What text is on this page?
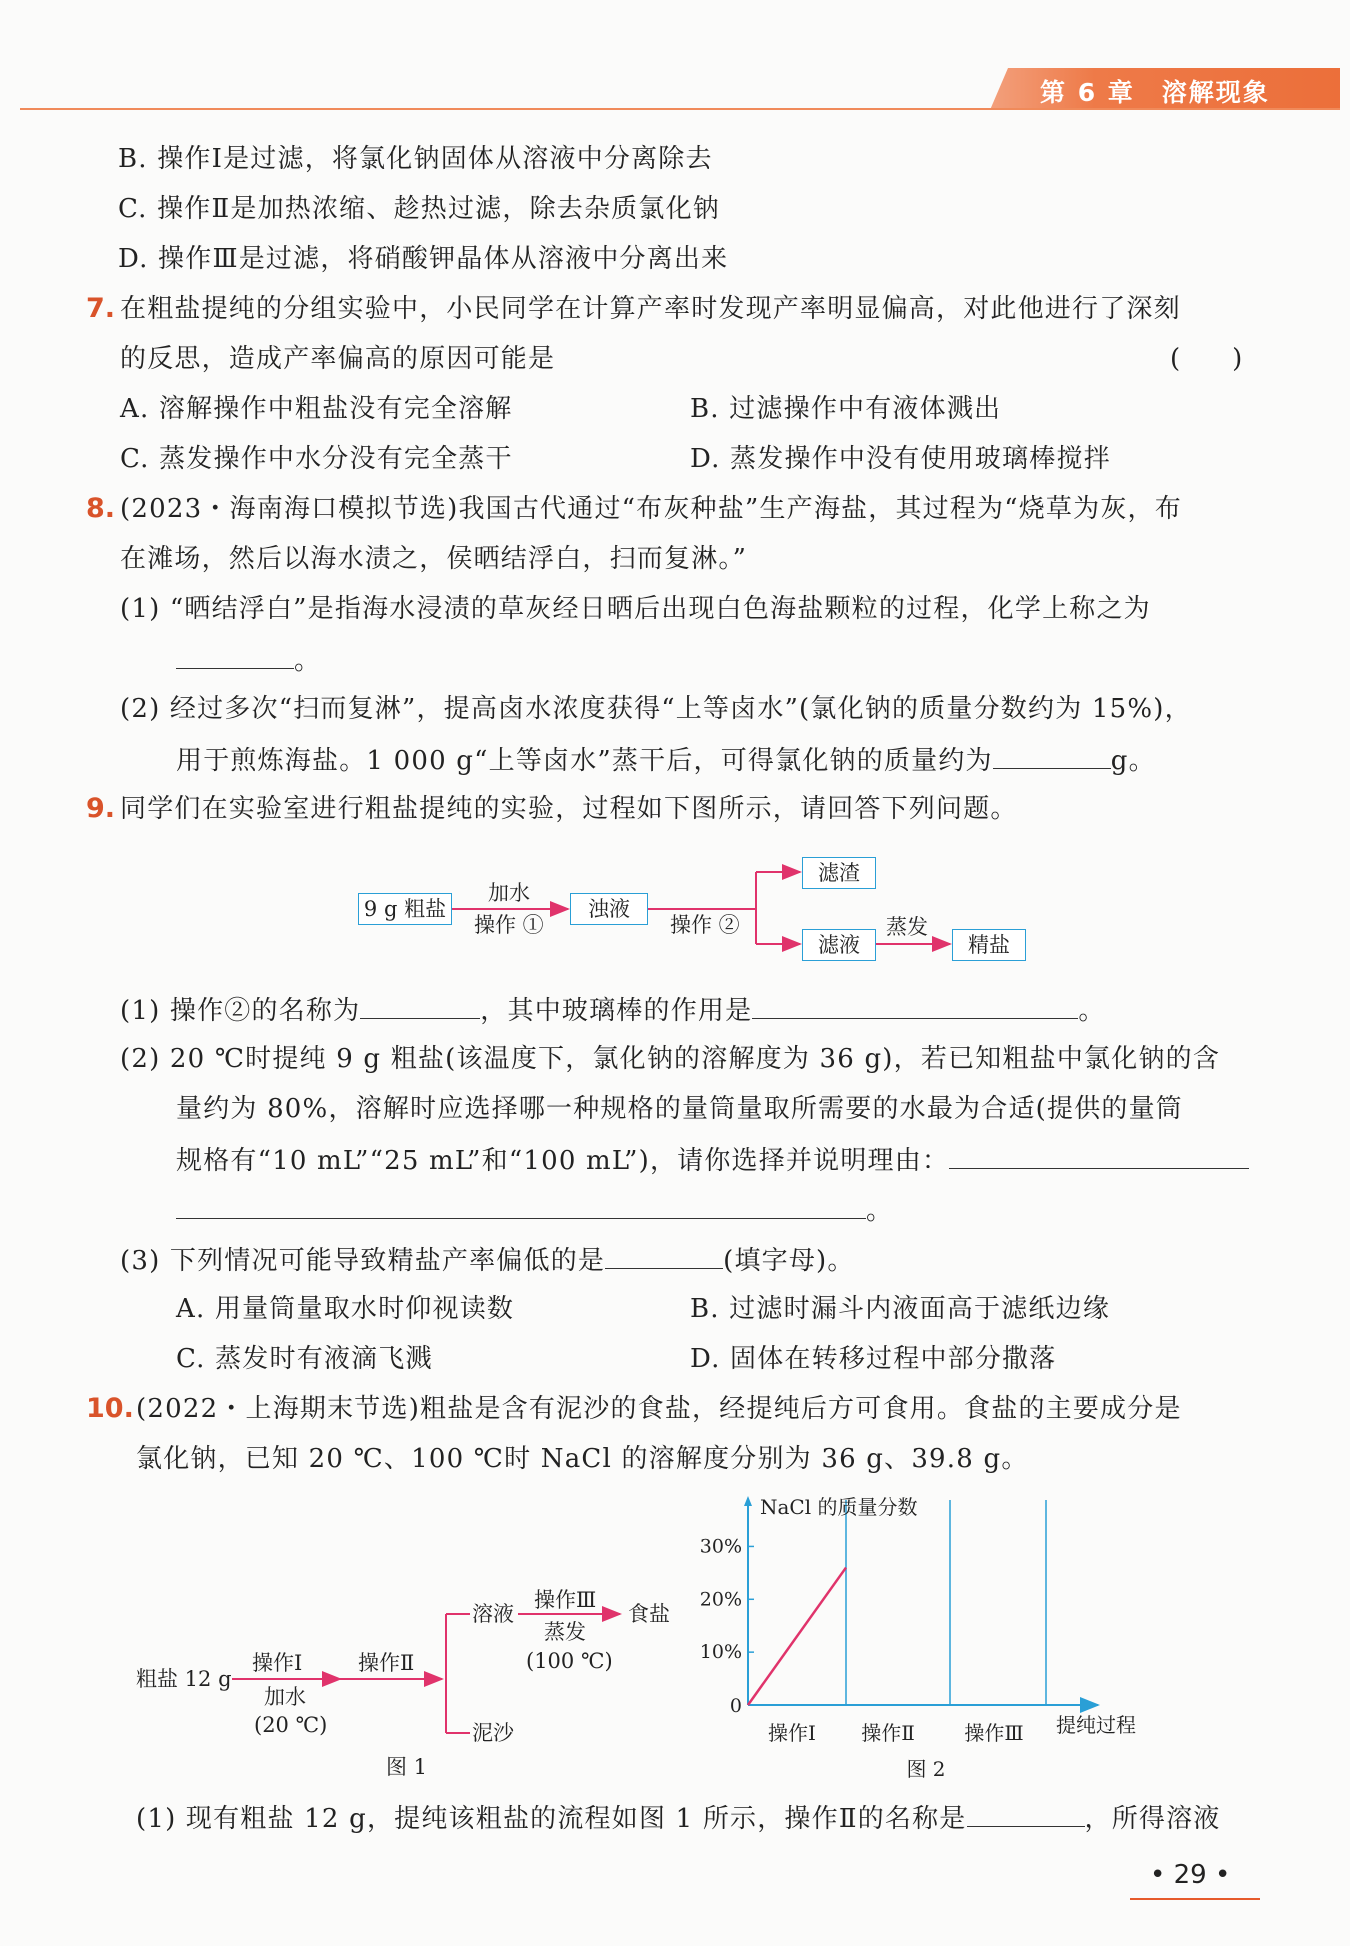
第 6 章　溶解现象
B. 操作Ⅰ是过滤，将氯化钠固体从溶液中分离除去
C. 操作Ⅱ是加热浓缩、趁热过滤，除去杂质氯化钠
D. 操作Ⅲ是过滤，将硝酸钾晶体从溶液中分离出来
7. 在粗盐提纯的分组实验中，小民同学在计算产率时发现产率明显偏高，对此他进行了深刻
的反思，造成产率偏高的原因可能是	(　　)
A. 溶解操作中粗盐没有完全溶解	B. 过滤操作中有液体溅出
C. 蒸发操作中水分没有完全蒸干	D. 蒸发操作中没有使用玻璃棒搅拌
8. (2023・海南海口模拟节选)我国古代通过“布灰种盐”生产海盐，其过程为“烧草为灰，布
在滩场，然后以海水渍之，侯晒结浮白，扫而复淋。”
(1) “晒结浮白”是指海水浸渍的草灰经日晒后出现白色海盐颗粒的过程，化学上称之为
。
(2) 经过多次“扫而复淋”，提高卤水浓度获得“上等卤水”(氯化钠的质量分数约为 15%)，
用于煎炼海盐。1 000 g“上等卤水”蒸干后，可得氯化钠的质量约为	g。
9. 同学们在实验室进行粗盐提纯的实验，过程如下图所示，请回答下列问题。
9 g 粗盐
加水
操作 ①
浊液
操作 ②
滤渣
滤液
蒸发
精盐
(1) 操作②的名称为	，其中玻璃棒的作用是	。
(2) 20 ℃时提纯 9 g 粗盐(该温度下，氯化钠的溶解度为 36 g)，若已知粗盐中氯化钠的含
量约为 80%，溶解时应选择哪一种规格的量筒量取所需要的水最为合适(提供的量筒
规格有“10 mL”“25 mL”和“100 mL”)，请你选择并说明理由：
。
(3) 下列情况可能导致精盐产率偏低的是	(填字母)。
A. 用量筒量取水时仰视读数	B. 过滤时漏斗内液面高于滤纸边缘
C. 蒸发时有液滴飞溅	D. 固体在转移过程中部分撒落
10. (2022・上海期末节选)粗盐是含有泥沙的食盐，经提纯后方可食用。食盐的主要成分是
氯化钠，已知 20 ℃、100 ℃时 NaCl 的溶解度分别为 36 g、39.8 g。
粗盐 12 g
操作Ⅰ
加水
(20 ℃)
操作Ⅱ
溶液
泥沙
操作Ⅲ
蒸发
(100 ℃)
食盐
图 1
NaCl 的质量分数
30%
20%
10%
0
操作Ⅰ 操作Ⅱ 操作Ⅲ 提纯过程
图 2
(1) 现有粗盐 12 g，提纯该粗盐的流程如图 1 所示，操作Ⅱ的名称是	，所得溶液
• 29 •
